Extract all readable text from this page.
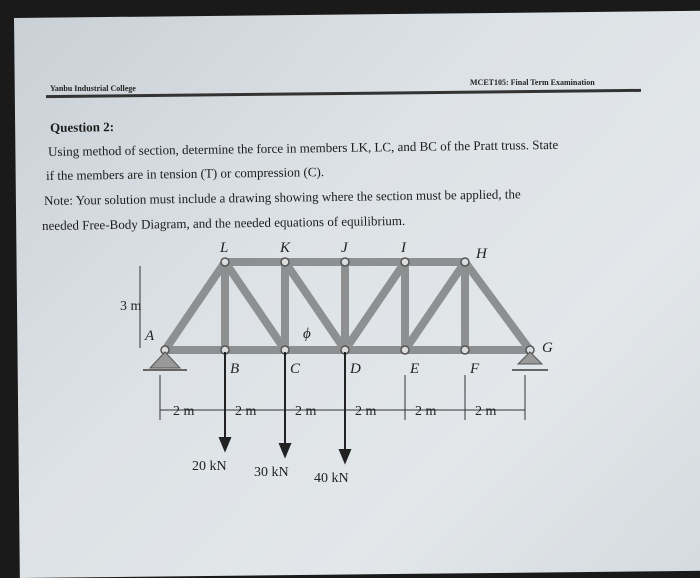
Yanbu Industrial College
MCET105: Final Term Examination
Question 2:
Using method of section, determine the force in members LK, LC, and BC of the Pratt truss. State
if the members are in tension (T) or compression (C).
Note: Your solution must include a drawing showing where the section must be applied, the
needed Free-Body Diagram, and the needed equations of equilibrium.
L	K	J	I	H
A
B	C	D	E	F
G
ϕ
3 m
2 m	2 m	2 m	2 m	2 m	2 m
20 kN 30 kN 40 kN
